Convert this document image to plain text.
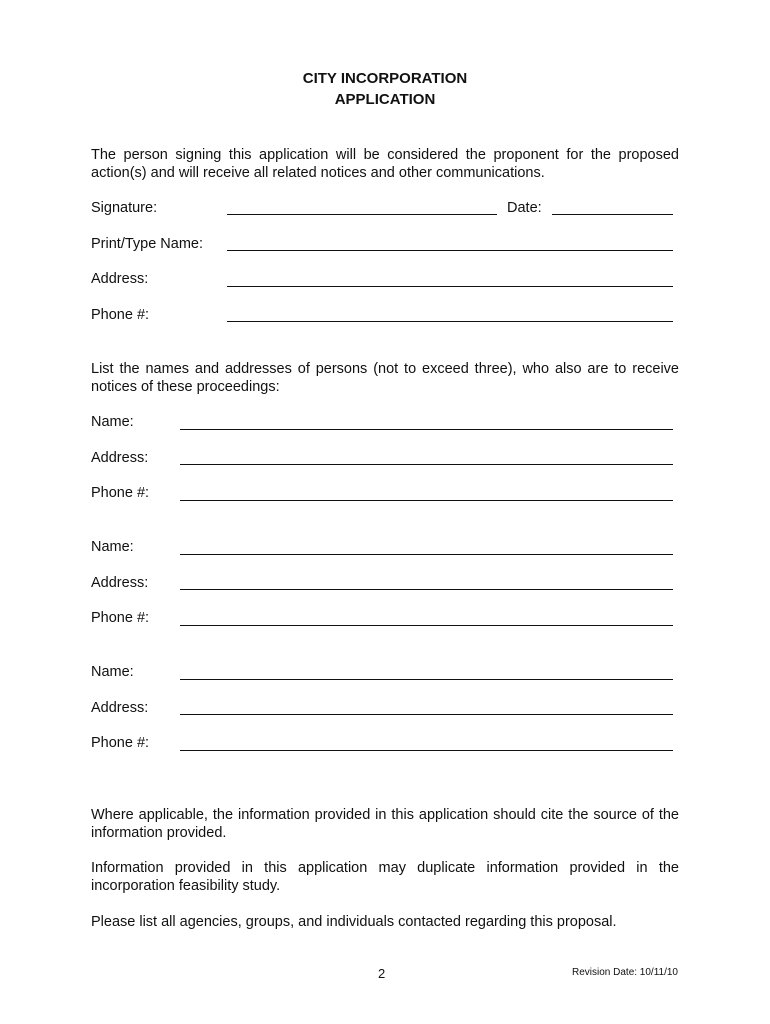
CITY INCORPORATION
APPLICATION

The person signing this application will be considered the proponent for the proposed action(s) and will receive all related notices and other communications.

Signature:	Date:
Print/Type Name:
Address:
Phone #:

List the names and addresses of persons (not to exceed three), who also are to receive notices of these proceedings:

Name:
Address:
Phone #:
Name:
Address:
Phone #:
Name:
Address:
Phone #:

Where applicable, the information provided in this application should cite the source of the information provided.

Information provided in this application may duplicate information provided in the incorporation feasibility study.

Please list all agencies, groups, and individuals contacted regarding this proposal.

2	Revision Date: 10/11/10
